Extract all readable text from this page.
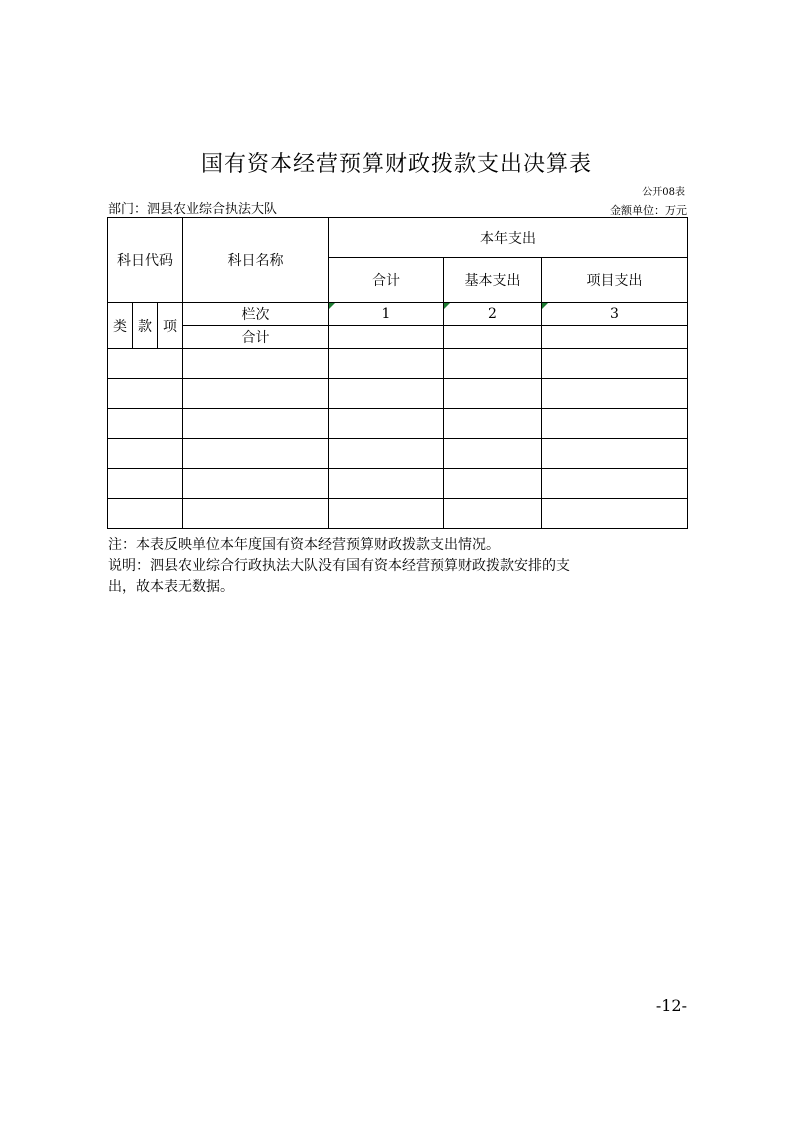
国有资本经营预算财政拨款支出决算表
公开08表
部门：泗县农业综合执法大队	金额单位：万元
科日代码			科日名称	本年支出		
				合计	基本支出	项目支出
类	款	项	栏次	1	2	3
			合计			

注：本表反映单位本年度国有资本经营预算财政拨款支出情况。
说明：泗县农业综合行政执法大队没有国有资本经营预算财政拨款安排的支
出，故本表无数据。
-12-
